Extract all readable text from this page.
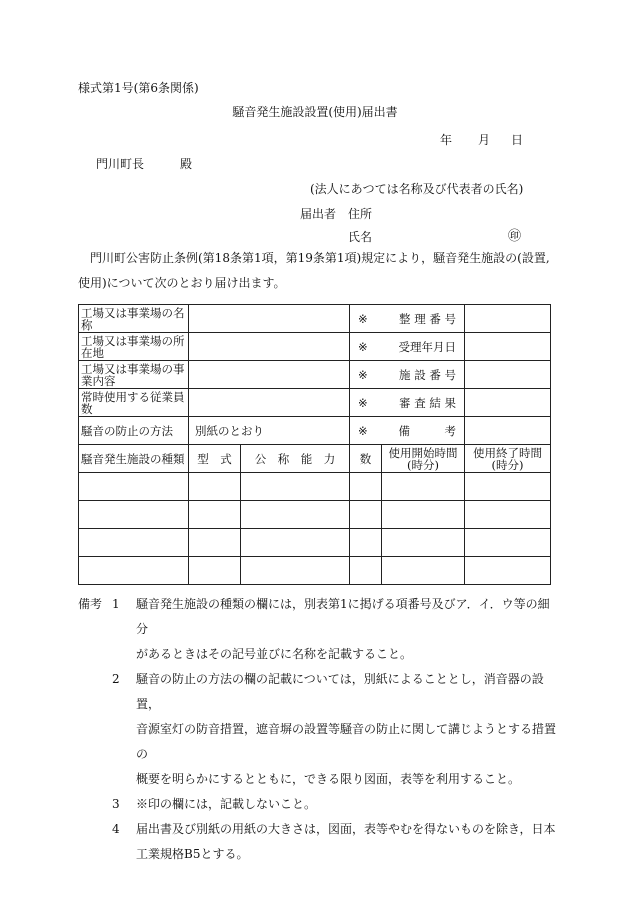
様式第1号(第6条関係)
騒音発生施設設置(使用)届出書
年 月 日
門川町長	殿
(法人にあつては名称及び代表者の氏名)
届出者 住所
氏名	㊞
門川町公害防止条例(第18条第1項，第19条第1項)規定により，騒音発生施設の(設置,
使用)について次のとおり届け出ます。
工場又は事業場の名称			※ 整 理 番 号		

工場又は事業場の所在地			※ 受理年月日		

工場又は事業場の事業内容			※ 施 設 番 号		

常時使用する従業員数			※ 審 査 結 果		

騒音の防止の方法	別紙のとおり		※ 備　　　考		

騒音発生施設の種類	型　式	公　称　能　力	数	使用開始時間(時分)	使用終了時間(時分)

備考 1	騒音発生施設の種類の欄には，別表第1に掲げる項番号及びア．イ．ウ等の細分
があるときはその記号並びに名称を記載すること。
2	騒音の防止の方法の欄の記載については，別紙によることとし，消音器の設置，
音源室灯の防音措置，遮音塀の設置等騒音の防止に関して講じようとする措置の
概要を明らかにするとともに，できる限り図面，表等を利用すること。
3	※印の欄には，記載しないこと。
4	届出書及び別紙の用紙の大きさは，図面，表等やむを得ないものを除き，日本
工業規格B5とする。
